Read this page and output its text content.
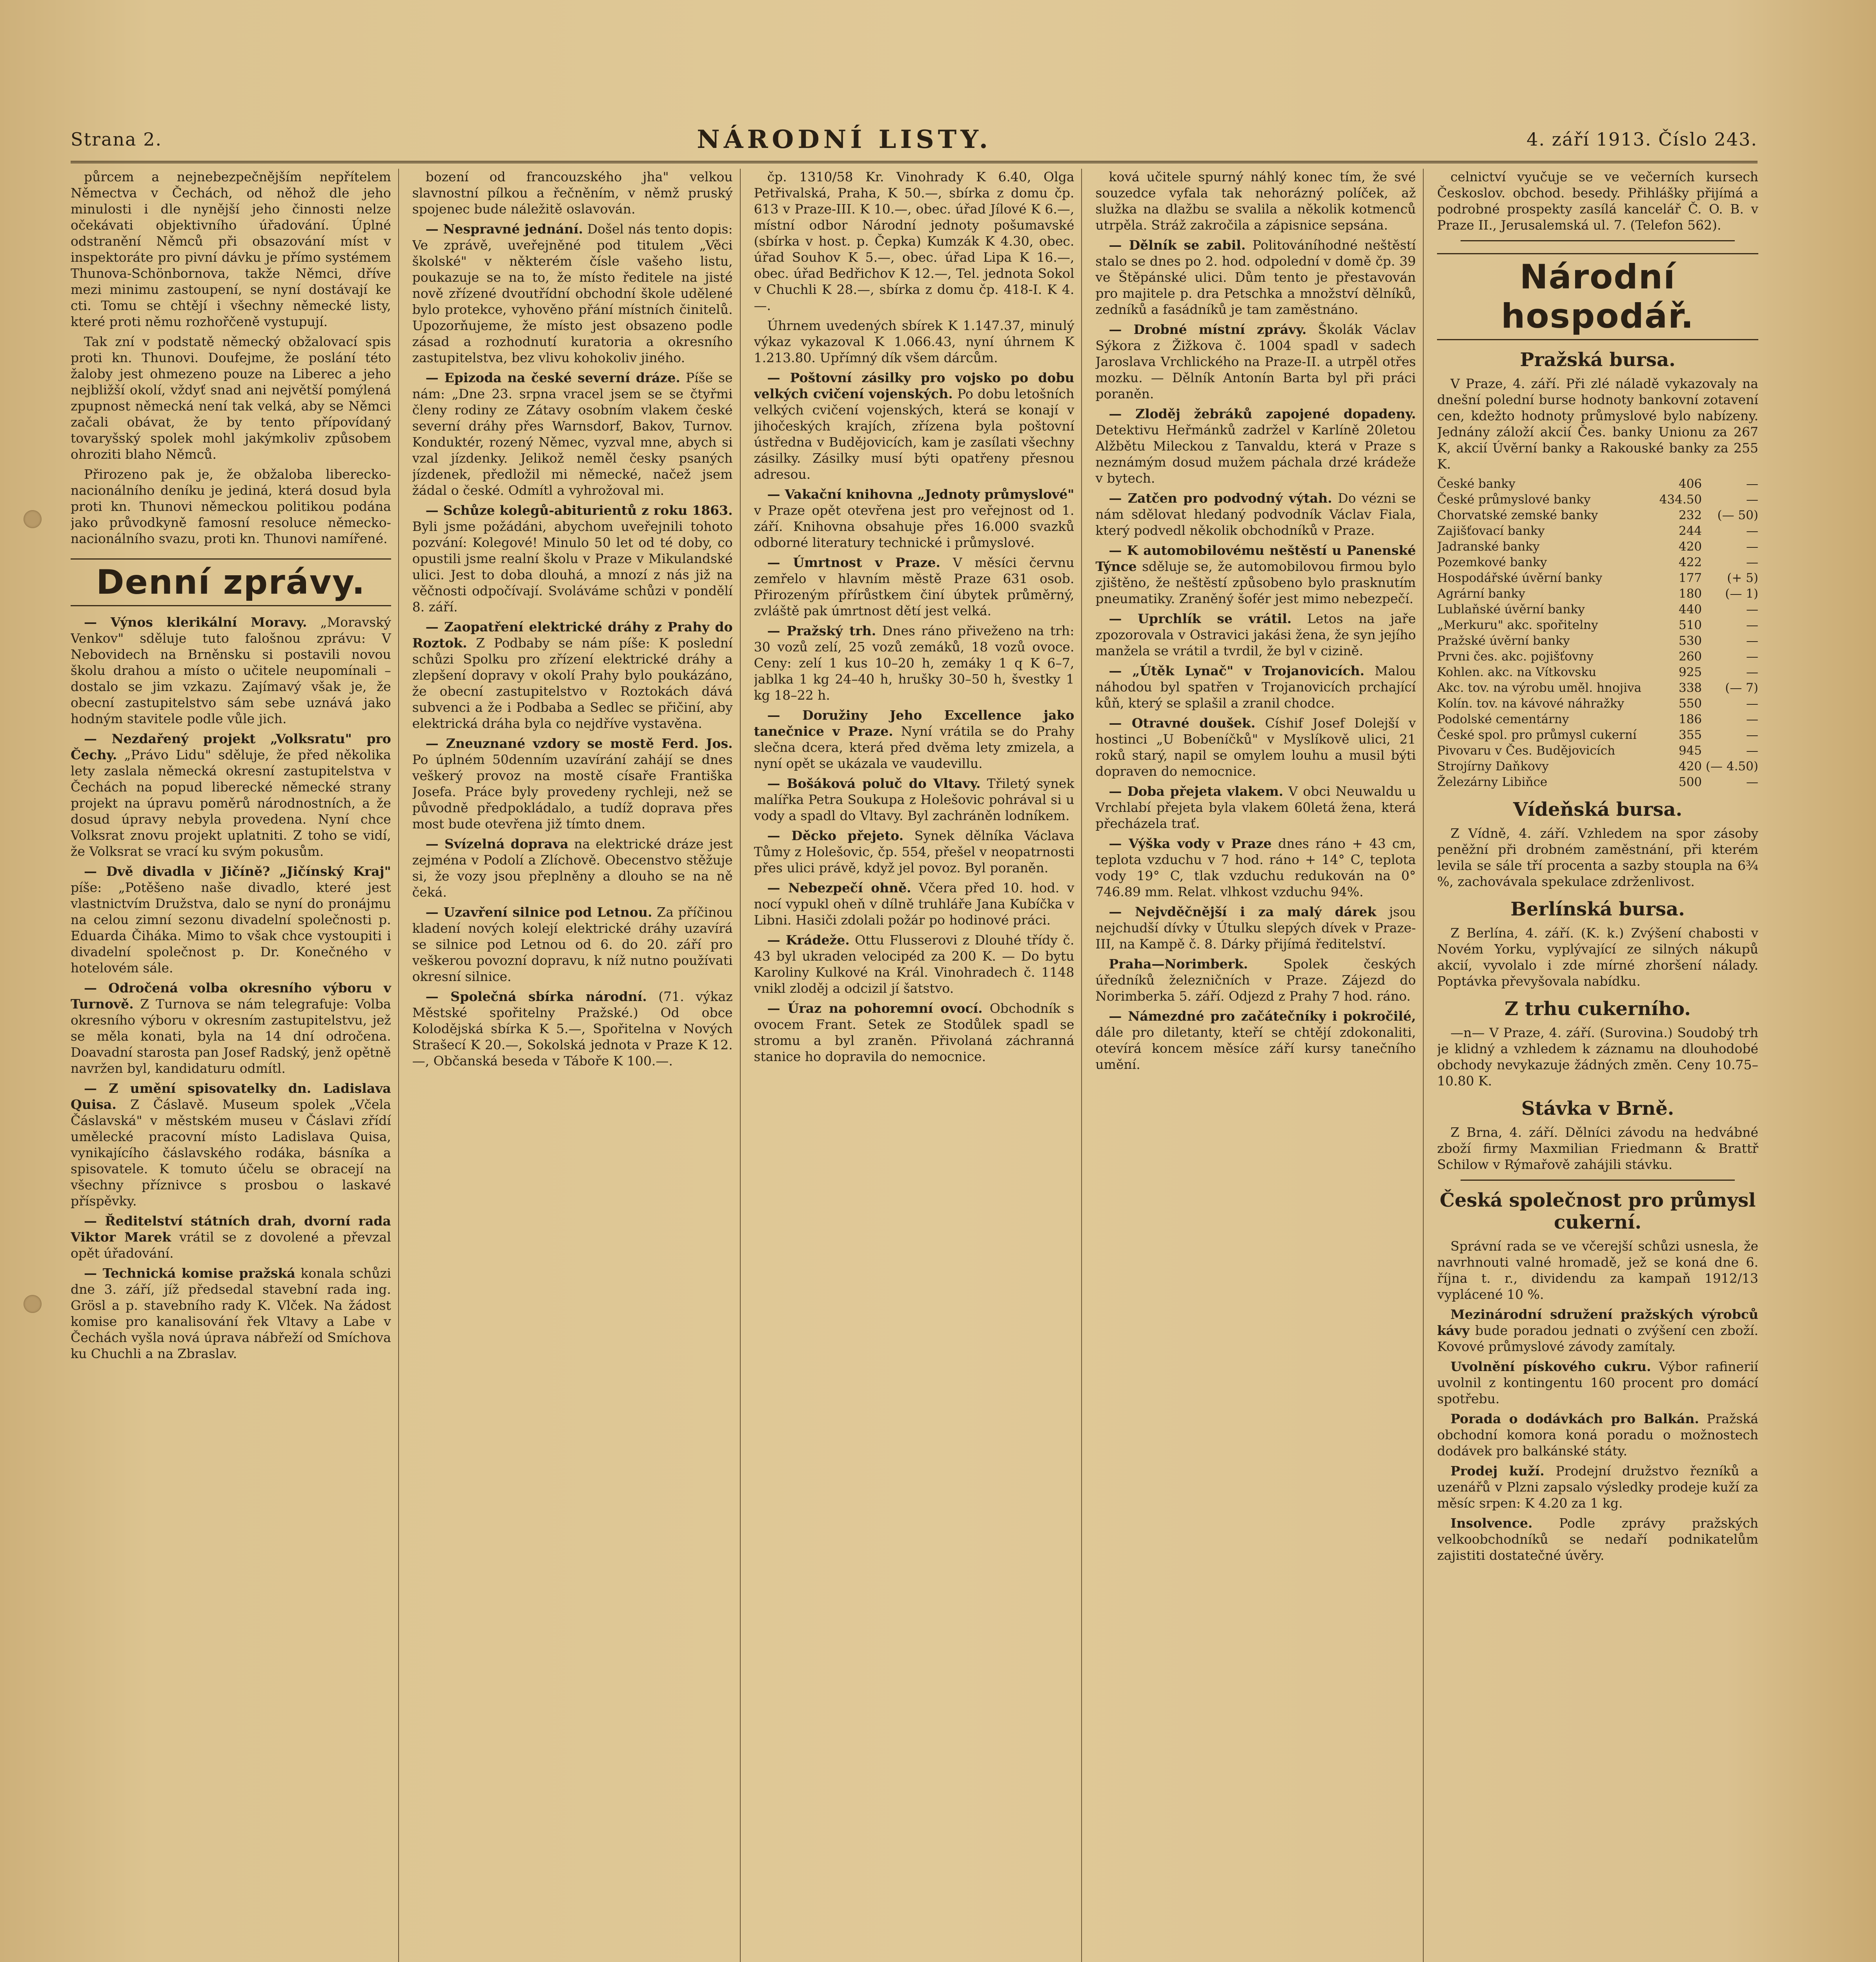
Strana 2.	NÁRODNÍ LISTY.	4. září 1913. Číslo 243.

půrcem a nejnebezpečnějším nepřítelem Němectva v Čechách, od něhož dle jeho minulosti i dle nynější jeho činnosti nelze očekávati objektivního úřadování. Úplné odstranění Němců při obsazování míst v inspektoráte pro pivní dávku je přímo systémem Thunova-Schönbornova, takže Němci, dříve mezi minimu zastoupení, se nyní dostávají ke cti. Tomu se chtějí i všechny německé listy, které proti němu rozhořčeně vystupují.

Tak zní v podstatě německý obžalovací spis proti kn. Thunovi. Doufejme, že poslání této žaloby jest ohmezeno pouze na Liberec a jeho nejbližší okolí, vždyť snad ani největší pomýlená zpupnost německá není tak velká, aby se Němci začali obávat, že by tento přípovídaný tovaryšský spolek mohl jakýmkoliv způsobem ohroziti blaho Němců.

Přirozeno pak je, že obžaloba liberecko-nacionálního deníku je jediná, která dosud byla proti kn. Thunovi německou politikou podána jako průvodkyně famosní resoluce německo-nacionálního svazu, proti kn. Thunovi namířené.

Denní zprávy.

— Výnos klerikální Moravy. „Moravský Venkov" sděluje tuto falošnou zprávu: V Nebovidech na Brněnsku si postavili novou školu drahou a místo o učitele neupomínali – dostalo se jim vzkazu. Zajímavý však je, že obecní zastupitelstvo sám sebe uznává jako hodným stavitele podle vůle jich.

— Nezdařený projekt „Volksratu" pro Čechy. „Právo Lidu" sděluje, že před několika lety zaslala německá okresní zastupitelstva v Čechách na popud liberecké německé strany projekt na úpravu poměrů národnostních, a že dosud úpravy nebyla provedena. Nyní chce Volksrat znovu projekt uplatniti. Z toho se vidí, že Volksrat se vrací ku svým pokusům.

— Dvě divadla v Jičíně? „Jičínský Kraj" píše: „Potěšeno naše divadlo, které jest vlastnictvím Družstva, dalo se nyní do pronájmu na celou zimní sezonu divadelní společnosti p. Eduarda Čiháka. Mimo to však chce vystoupiti i divadelní společnost p. Dr. Konečného v hotelovém sále.

— Odročená volba okresního výboru v Turnově. Z Turnova se nám telegrafuje: Volba okresního výboru v okresním zastupitelstvu, jež se měla konati, byla na 14 dní odročena. Doavadní starosta pan Josef Radský, jenž opětně navržen byl, kandidaturu odmítl.

— Z umění spisovatelky dn. Ladislava Quisa. Z Čáslavě. Museum spolek „Včela Čáslavská" v městském museu v Čáslavi zřídí umělecké pracovní místo Ladislava Quisa, vynikajícího čáslavského rodáka, básníka a spisovatele. K tomuto účelu se obracejí na všechny příznivce s prosbou o laskavé příspěvky.

— Ředitelství státních drah, dvorní rada Viktor Marek vrátil se z dovolené a převzal opět úřadování.

— Technická komise pražská konala schůzi dne 3. září, jíž předsedal stavební rada ing. Grösl a p. stavebního rady K. Vlček. Na žádost komise pro kanalisování řek Vltavy a Labe v Čechách vyšla nová úprava nábřeží od Smíchova ku Chuchli a na Zbraslav.

bození od francouzského jha" velkou slavnostní pílkou a řečněním, v němž pruský spojenec bude náležitě oslavován.

— Nespravné jednání. Došel nás tento dopis: Ve zprávě, uveřejněné pod titulem „Věci školské" v některém čísle vašeho listu, poukazuje se na to, že místo ředitele na jisté nově zřízené dvoutřídní obchodní škole udělené bylo protekce, vyhověno přání místních činitelů. Upozorňujeme, že místo jest obsazeno podle zásad a rozhodnutí kuratoria a okresního zastupitelstva, bez vlivu kohokoliv jiného.

— Epizoda na české severní dráze. Píše se nám: „Dne 23. srpna vracel jsem se se čtyřmi členy rodiny ze Zátavy osobním vlakem české severní dráhy přes Warnsdorf, Bakov, Turnov. Konduktér, rozený Němec, vyzval mne, abych si vzal jízdenky. Jelikož neměl česky psaných jízdenek, předložil mi německé, načež jsem žádal o české. Odmítl a vyhrožoval mi.

— Schůze kolegů-abiturientů z roku 1863. Byli jsme požádáni, abychom uveřejnili tohoto pozvání: Kolegové! Minulo 50 let od té doby, co opustili jsme realní školu v Praze v Mikulandské ulici. Jest to doba dlouhá, a mnozí z nás již na věčnosti odpočívají. Svoláváme schůzi v pondělí 8. září.

— Zaopatření elektrické dráhy z Prahy do Roztok. Z Podbaby se nám píše: K poslední schůzi Spolku pro zřízení elektrické dráhy a zlepšení dopravy v okolí Prahy bylo poukázáno, že obecní zastupitelstvo v Roztokách dává subvenci a že i Podbaba a Sedlec se přičiní, aby elektrická dráha byla co nejdříve vystavěna.

— Zneuznané vzdory se mostě Ferd. Jos. Po úplném 50denním uzavírání zahájí se dnes veškerý provoz na mostě císaře Františka Josefa. Práce byly provedeny rychleji, než se původně předpokládalo, a tudíž doprava přes most bude otevřena již tímto dnem.

— Svízelná doprava na elektrické dráze jest zejména v Podolí a Zlíchově. Obecenstvo stěžuje si, že vozy jsou přeplněny a dlouho se na ně čeká.

— Uzavření silnice pod Letnou. Za příčinou kladení nových kolejí elektrické dráhy uzavírá se silnice pod Letnou od 6. do 20. září pro veškerou povozní dopravu, k níž nutno používati okresní silnice.

— Společná sbírka národní. (71. výkaz Městské spořitelny Pražské.) Od obce Kolodějská sbírka K 5.—, Spořitelna v Nových Strašecí K 20.—, Sokolská jednota v Praze K 12.—, Občanská beseda v Táboře K 100.—.

čp. 1310/58 Kr. Vinohrady K 6.40, Olga Petřivalská, Praha, K 50.—, sbírka z domu čp. 613 v Praze-III. K 10.—, obec. úřad Jílové K 6.—, místní odbor Národní jednoty pošumavské (sbírka v host. p. Čepka) Kumzák K 4.30, obec. úřad Souhov K 5.—, obec. úřad Lipa K 16.—, obec. úřad Bedřichov K 12.—, Tel. jednota Sokol v Chuchli K 28.—, sbírka z domu čp. 418-I. K 4.—.

Úhrnem uvedených sbírek K 1.147.37, minulý výkaz vykazoval K 1.066.43, nyní úhrnem K 1.213.80. Upřímný dík všem dárcům.

— Poštovní zásilky pro vojsko po dobu velkých cvičení vojenských. Po dobu letošních velkých cvičení vojenských, která se konají v jihočeských krajích, zřízena byla poštovní ústředna v Budějovicích, kam je zasílati všechny zásilky. Zásilky musí býti opatřeny přesnou adresou.

— Vakační knihovna „Jednoty průmyslové" v Praze opět otevřena jest pro veřejnost od 1. září. Knihovna obsahuje přes 16.000 svazků odborné literatury technické i průmyslové.

— Úmrtnost v Praze. V měsíci červnu zemřelo v hlavním městě Praze 631 osob. Přirozeným přírůstkem činí úbytek průměrný, zvláště pak úmrtnost dětí jest velká.

— Pražský trh. Dnes ráno přiveženo na trh: 30 vozů zelí, 25 vozů zemáků, 18 vozů ovoce. Ceny: zelí 1 kus 10–20 h, zemáky 1 q K 6–7, jablka 1 kg 24–40 h, hrušky 30–50 h, švestky 1 kg 18–22 h.

— Doružiny Jeho Excellence jako tanečnice v Praze. Nyní vrátila se do Prahy slečna dcera, která před dvěma lety zmizela, a nyní opět se ukázala ve vaudevillu.

— Bošáková poluč do Vltavy. Třiletý synek malířka Petra Soukupa z Holešovic pohrával si u vody a spadl do Vltavy. Byl zachráněn lodníkem.

— Děcko přejeto. Synek dělníka Václava Tůmy z Holešovic, čp. 554, přešel v neopatrnosti přes ulici právě, když jel povoz. Byl poraněn.

— Nebezpečí ohně. Včera před 10. hod. v nocí vypukl oheň v dílně truhláře Jana Kubíčka v Libni. Hasiči zdolali požár po hodinové práci.

— Krádeže. Ottu Flusserovi z Dlouhé třídy č. 43 byl ukraden velocipéd za 200 K. — Do bytu Karoliny Kulkové na Král. Vinohradech č. 1148 vnikl zloděj a odcizil jí šatstvo.

— Úraz na pohoremní ovocí. Obchodník s ovocem Frant. Setek ze Stodůlek spadl se stromu a byl zraněn. Přivolaná záchranná stanice ho dopravila do nemocnice.

ková učitele spurný náhlý konec tím, že své souzedce vyfala tak nehorázný políček, až služka na dlažbu se svalila a několik kotmenců utrpěla. Stráž zakročila a zápisnice sepsána.

— Dělník se zabil. Politováníhodné neštěstí stalo se dnes po 2. hod. odpolední v domě čp. 39 ve Štěpánské ulici. Dům tento je přestavován pro majitele p. dra Petschka a množství dělníků, zedníků a fasádníků je tam zaměstnáno.

— Drobné místní zprávy. Školák Václav Sýkora z Žižkova č. 1004 spadl v sadech Jaroslava Vrchlického na Praze-II. a utrpěl otřes mozku. — Dělník Antonín Barta byl při práci poraněn.

— Zloděj žebráků zapojené dopadeny. Detektivu Heřmánků zadržel v Karlíně 20letou Alžbětu Mileckou z Tanvaldu, která v Praze s neznámým dosud mužem páchala drzé krádeže v bytech.

— Zatčen pro podvodný výtah. Do vézni se nám sdělovat hledaný podvodník Václav Fiala, který podvedl několik obchodníků v Praze.

— K automobilovému neštěstí u Panenské Týnce sděluje se, že automobilovou firmou bylo zjištěno, že neštěstí způsobeno bylo prasknutím pneumatiky. Zraněný šofér jest mimo nebezpečí.

— Uprchlík se vrátil. Letos na jaře zpozorovala v Ostravici jakási žena, že syn jejího manžela se vrátil a tvrdil, že byl v cizině.

— „Útěk Lynač" v Trojanovicích. Malou náhodou byl spatřen v Trojanovicích prchající kůň, který se splašil a zranil chodce.

— Otravné doušek. Císhif Josef Dolejší v hostinci „U Bobeníčků" v Myslíkově ulici, 21 roků starý, napil se omylem louhu a musil býti dopraven do nemocnice.

— Doba přejeta vlakem. V obci Neuwaldu u Vrchlabí přejeta byla vlakem 60letá žena, která přecházela trať.

— Výška vody v Praze dnes ráno + 43 cm, teplota vzduchu v 7 hod. ráno + 14° C, teplota vody 19° C, tlak vzduchu redukován na 0° 746.89 mm. Relat. vlhkost vzduchu 94%.

— Nejvděčnější i za malý dárek jsou nejchudší dívky v Útulku slepých dívek v Praze-III, na Kampě č. 8. Dárky přijímá ředitelství.

Praha—Norimberk.	Spolek českých úředníků železničních v Praze. Zájezd do Norimberka 5. září. Odjezd z Prahy 7 hod. ráno.

— Námezdné pro začátečníky i pokročilé, dále pro diletanty, kteří se chtějí zdokonaliti, otevírá koncem měsíce září kursy tanečního umění.

celnictví vyučuje se ve večerních kursech Českoslov. obchod. besedy. Přihlášky přijímá a podrobné prospekty zasílá kancelář Č. O. B. v Praze II., Jerusalemská ul. 7. (Telefon 562).

Národní hospodář.
Pražská bursa.

V Praze, 4. září. Při zlé náladě vykazovaly na dnešní polední burse hodnoty bankovní zotavení cen, kdežto hodnoty průmyslové bylo nabízeny. Jednány záloží akcií Čes. banky Unionu za 267 K, akcií Úvěrní banky a Rakouské banky za 255 K.

České banky	406	—
České průmyslové banky	434.50	—
Chorvatské zemské banky	232	(— 50)
Zajišťovací banky	244	—
Jadranské banky	420	—
Pozemkové banky	422	—
Hospodářské úvěrní banky	177	(+ 5)
Agrární banky	180	(— 1)
Lublaňské úvěrní banky	440	—
„Merkuru" akc. spořitelny	510	—
Pražské úvěrní banky	530	—
Prvni čes. akc. pojišťovny	260	—
Kohlen. akc. na Vítkovsku	925	—
Akc. tov. na výrobu uměl. hnojiva	338	(— 7)
Kolín. tov. na kávové náhražky	550	—
Podolské cementárny	186	—
České spol. pro průmysl cukerní	355	—
Pivovaru v Čes. Budějovicích	945	—
Strojírny Daňkovy	420	(— 4.50)
Železárny Libiňce	500	—
Vídeňská bursa.

Z Vídně, 4. září. Vzhledem na spor zásoby peněžní při drobném zaměstnání, při kterém levila se sále tří procenta a sazby stoupla na 6¾ %, zachovávala spekulace zdrženlivost.

Berlínská bursa.

Z Berlína, 4. září. (K. k.) Zvýšení chabosti v Novém Yorku, vyplývající ze silných nákupů akcií, vyvolalo i zde mírné zhoršení nálady. Poptávka převyšovala nabídku.

Z trhu cukerního.

—n— V Praze, 4. září. (Surovina.) Soudobý trh je klidný a vzhledem k záznamu na dlouhodobé obchody nevykazuje žádných změn. Ceny 10.75–10.80 K.

Stávka v Brně.

Z Brna, 4. září. Dělníci závodu na hedvábné zboží firmy Maxmilian Friedmann & Brattř Schilow v Rýmařově zahájili stávku.

Česká společnost pro průmysl cukerní.

Správní rada se ve včerejší schůzi usnesla, že navrhnouti valné hromadě, jež se koná dne 6. října t. r., dividendu za kampaň 1912/13 vyplácené 10 %.

Mezinárodní sdružení pražských výrobců kávy bude poradou jednati o zvýšení cen zboží. Kovové průmyslové závody zamítaly.

Uvolnění pískového cukru. Výbor rafinerií uvolnil z kontingentu 160 procent pro domácí spotřebu.

Porada o dodávkách pro Balkán. Pražská obchodní komora koná poradu o možnostech dodávek pro balkánské státy.

Prodej kuží. Prodejní družstvo řezníků a uzenářů v Plzni zapsalo výsledky prodeje kuží za měsíc srpen: K 4.20 za 1 kg.

Insolvence. Podle zprávy pražských velkoobchodníků se nedaří podnikatelům zajistiti dostatečné úvěry.
